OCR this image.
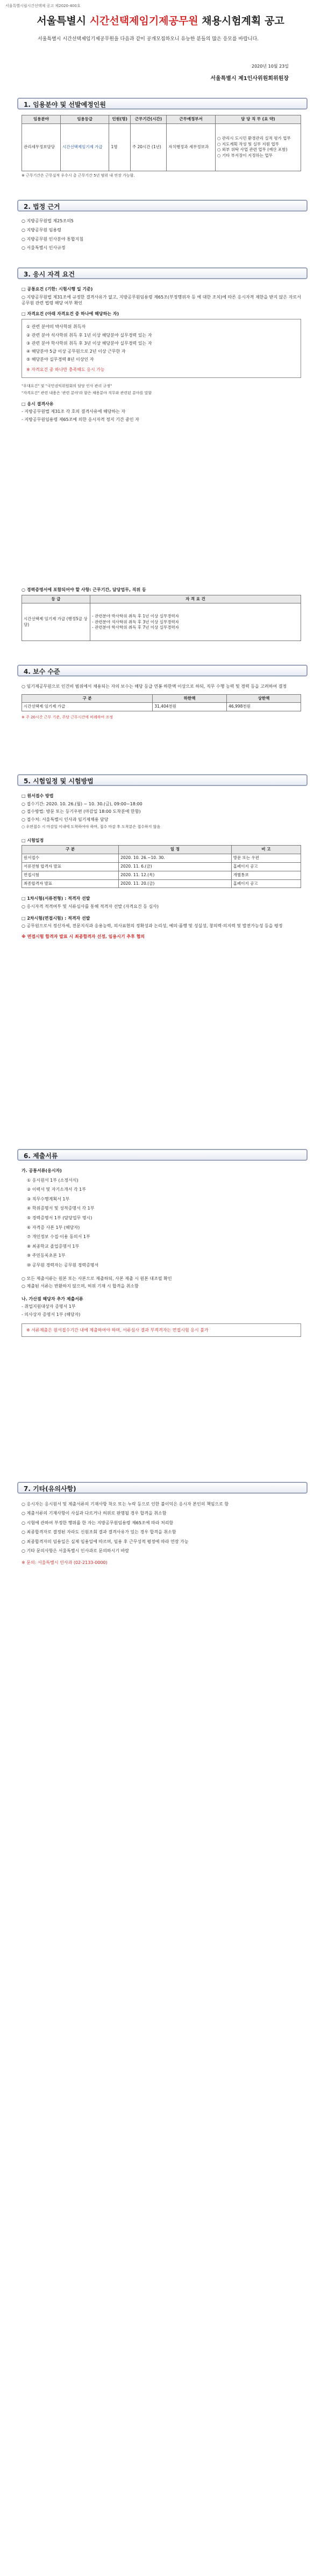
서울특별시립시간선택제 공고 제2020-400호
서울특별시 시간선택제임기제공무원 채용시험계획 공고
서울특별시 시간선택제임기제공무원을 다음과 같이 공개모집하오니 유능한 분들의 많은 응모를 바랍니다.
2020년 10월 23일
서울특별시 제1인사위원회위원장
1. 임용분야 및 선발예정인원
임용분야	임용등급	인원(명)	근무기간(시간)	근무예정부서	담 당 직 무 (요 약)
관리세무정보담당	시간선택제임기제 가급	1명	주 20시간 (1년)	자치행정과 세무정보과	○ 관리시 도시민 환경관리 실적 평가 업무
○ 지도계획 작성 및 실무 지원 업무
○ 외부 위탁 사업 관련 업무 (예산 포함)
○ 기타 부서장이 지정하는 업무
※ 근무기간은 근무실적 우수시 총 근무기간 5년 범위 내 연장 가능함.
2. 법정 근거
○ 지방공무원법 제25조의5
○ 지방공무원 임용령
○ 지방공무원 인사분야 통합지침
○ 서울특별시 인사규정
3. 응시 자격 요건
□ 공통요건 (기한: 시험시행 일 기준)
○ 지방공무원법 제31조에 규정한 결격사유가 없고, 지방공무원임용령 제65조(부정행위자 등 에 대한 조치)에 따른 응시자격 제한을 받지 않은 자로서 공무원 관련 법령 해당 여부 확인
□ 자격요건 (아래 자격요건 중 하나에 해당하는 자)
① 관련 분야의 박사학위 취득자
② 관련 분야 석사학위 취득 후 1년 이상 해당분야 실무경력 있는 자
③ 관련 분야 학사학위 취득 후 3년 이상 해당분야 실무경력 있는 자
④ 해당분야 5급 이상 공무원으로 2년 이상 근무한 자
⑤ 해당분야 실무경력 8년 이상인 자
※ 자격요건 중 하나만 충족해도 응시 가능
"우대요건" 및 "국민권익위원회의 담당 인사 관리 규정"
"자격요건" 관련 내용은 '관련 분야'라 함은 채용분야 직무와 관련된 분야를 말함
□ 응시 결격사유
- 지방공무원법 제31조 각 호의 결격사유에 해당하는 자
- 지방공무원임용령 제65조에 의한 응시자격 정지 기간 중인 자
○ 경력증명서에 포함되어야 할 사항: 근무기간, 담당업무, 직위 등
등 급	자 격 요 건
시간선택제 임기제 가급 (행정5급 상당)	- 관련분야 박사학위 취득 후 1년 이상 실무경력자
- 관련분야 석사학위 취득 후 3년 이상 실무경력자
- 관련분야 학사학위 취득 후 7년 이상 실무경력자
4. 보수 수준
○ 임기제공무원으로 인건비 범위에서 채용되는 자의 보수는 해당 등급 연봉 하한액 이상으로 하되, 직무 수행 능력 및 경력 등을 고려하여 결정
구 분	하한액	상한액
시간선택제 임기제 가급	31,404천원	46,998천원
※ 주 20시간 근무 기준, 주당 근무시간에 비례하여 조정
5. 시험일정 및 시험방법
□ 원서접수 방법
○ 접수기간: 2020. 10. 26.(월) ~ 10. 30.(금), 09:00~18:00
○ 접수방법: 방문 또는 등기우편 (마감일 18:00 도착분에 한함)
○ 접수처: 서울특별시 인사과 임기제채용 담당
○ 우편접수 시 마감일 이내에 도착하여야 하며, 접수 마감 후 도착분은 접수하지 않음
□ 시험일정
구 분	일 정	비 고
원서접수	2020. 10. 26.~10. 30.	방문 또는 우편
서류전형 합격자 발표	2020. 11. 6.(금)	홈페이지 공고
면접시험	2020. 11. 12.(목)	개별통보
최종합격자 발표	2020. 11. 20.(금)	홈페이지 공고
□ 1차시험(서류전형) : 적격자 선발
○ 응시자격 적격여부 및 서류심사를 통해 적격자 선발 (자격요건 등 심사)
□ 2차시험(면접시험) : 적격자 선발
○ 공무원으로서 정신자세, 전문지식과 응용능력, 의사표현의 정확성과 논리성, 예의·품행 및 성실성, 창의력·의지력 및 발전가능성 등을 평정
※ 면접시험 합격자 발표 시 최종합격자 선정, 임용시기 추후 협의
6. 제출서류
가. 공통서류(응시자)
① 응시원서 1부 (소정서식)
② 이력서 및 자기소개서 각 1부
③ 직무수행계획서 1부
④ 학위증명서 및 성적증명서 각 1부
⑤ 경력증명서 1부 (담당업무 명시)
⑥ 자격증 사본 1부 (해당자)
⑦ 개인정보 수집·이용 동의서 1부
⑧ 최종학교 졸업증명서 1부
⑨ 주민등록초본 1부
⑩ 공무원 경력자는 공무원 경력증명서
○ 모든 제출서류는 원본 또는 사본으로 제출하되, 사본 제출 시 원본 대조필 확인
○ 제출된 서류는 반환하지 않으며, 허위 기재 시 합격을 취소함
나. 가산점 해당자 추가 제출서류
- 취업지원대상자 증명서 1부
- 의사상자 증명서 1부 (해당자)
※ 서류제출은 원서접수기간 내에 제출하여야 하며, 서류심사 결과 부적격자는 면접시험 응시 불가
7. 기타(유의사항)
○ 응시자는 응시원서 및 제출서류의 기재사항 착오 또는 누락 등으로 인한 불이익은 응시자 본인의 책임으로 함
○ 제출서류의 기재사항이 사실과 다르거나 허위로 판명될 경우 합격을 취소함
○ 시험에 관하여 부정한 행위를 한 자는 지방공무원임용령 제65조에 따라 처리함
○ 최종합격자로 결정된 자라도 신원조회 결과 결격사유가 있는 경우 합격을 취소함
○ 최종합격자의 임용일은 실제 임용일에 따르며, 임용 후 근무성적 평정에 따라 연장 가능
○ 기타 문의사항은 서울특별시 인사과로 문의하시기 바람
※ 문의: 서울특별시 인사과 (02-2133-0000)
